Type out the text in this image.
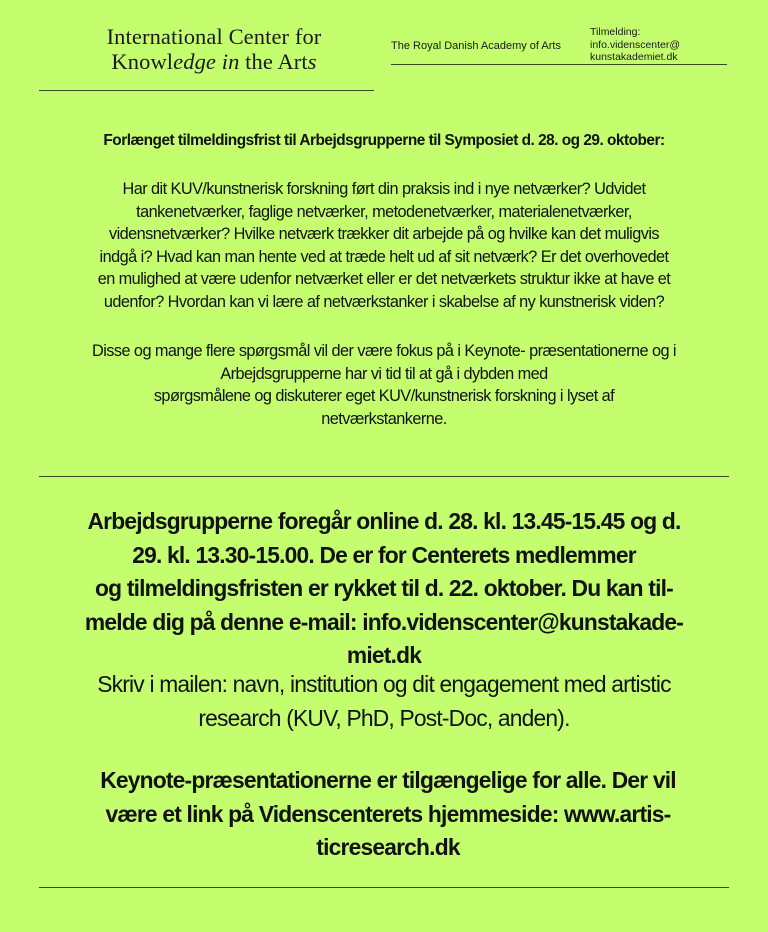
International Center for
Knowledge in the Arts
The Royal Danish Academy of Arts
Tilmelding:
info.videnscenter@
kunstakademiet.dk
Forlænget tilmeldingsfrist til Arbejdsgrupperne til Symposiet d. 28. og 29. oktober:
Har dit KUV/kunstnerisk forskning ført din praksis ind i nye netværker? Udvidet
tankenetværker, faglige netværker, metodenetværker, materialenetværker,
vidensnetværker? Hvilke netværk trækker dit arbejde på og hvilke kan det muligvis
indgå i? Hvad kan man hente ved at træde helt ud af sit netværk? Er det overhovedet
en mulighed at være udenfor netværket eller er det netværkets struktur ikke at have et
udenfor? Hvordan kan vi lære af netværkstanker i skabelse af ny kunstnerisk viden?
Disse og mange flere spørgsmål vil der være fokus på i Keynote- præsentationerne og i
Arbejdsgrupperne har vi tid til at gå i dybden med
spørgsmålene og diskuterer eget KUV/kunstnerisk forskning i lyset af
netværkstankerne.
Arbejdsgrupperne foregår online d. 28. kl. 13.45-15.45 og d.
29. kl. 13.30-15.00. De er for Centerets medlemmer
og tilmeldingsfristen er rykket til d. 22. oktober. Du kan til-
melde dig på denne e-mail: info.videnscenter@kunstakade-
miet.dk
Skriv i mailen: navn, institution og dit engagement med artistic
research (KUV, PhD, Post-Doc, anden).
Keynote-præsentationerne er tilgængelige for alle. Der vil
være et link på Videnscenterets hjemmeside: www.artis-
ticresearch.dk
